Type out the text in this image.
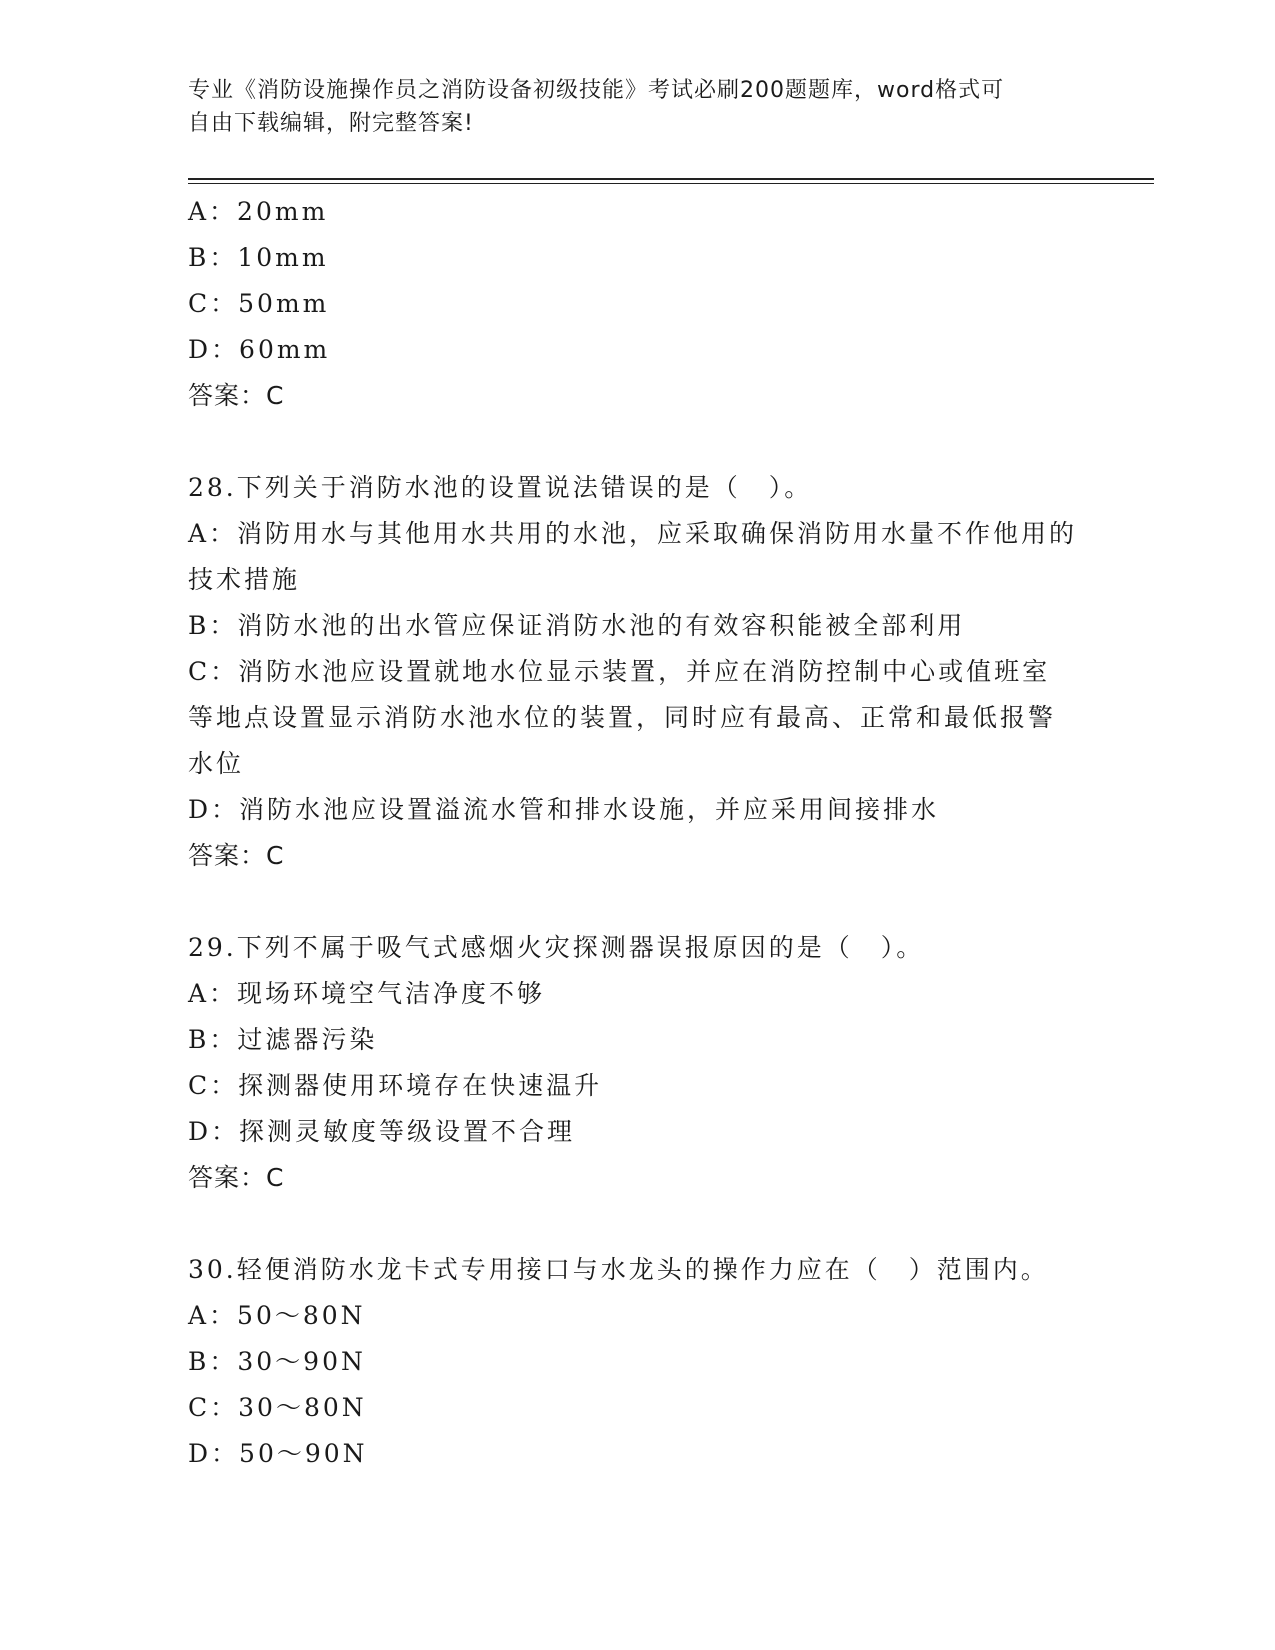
专业《消防设施操作员之消防设备初级技能》考试必刷200题题库，word格式可
自由下载编辑，附完整答案!
A：20mm
B：10mm
C：50mm
D：60mm
答案：C
28.下列关于消防水池的设置说法错误的是（　）。
A：消防用水与其他用水共用的水池，应采取确保消防用水量不作他用的技术措施
B：消防水池的出水管应保证消防水池的有效容积能被全部利用
C：消防水池应设置就地水位显示装置，并应在消防控制中心或值班室等地点设置显示消防水池水位的装置，同时应有最高、正常和最低报警水位
D：消防水池应设置溢流水管和排水设施，并应采用间接排水
答案：C
29.下列不属于吸气式感烟火灾探测器误报原因的是（　）。
A：现场环境空气洁净度不够
B：过滤器污染
C：探测器使用环境存在快速温升
D：探测灵敏度等级设置不合理
答案：C
30.轻便消防水龙卡式专用接口与水龙头的操作力应在（　）范围内。
A：50～80N
B：30～90N
C：30～80N
D：50～90N
